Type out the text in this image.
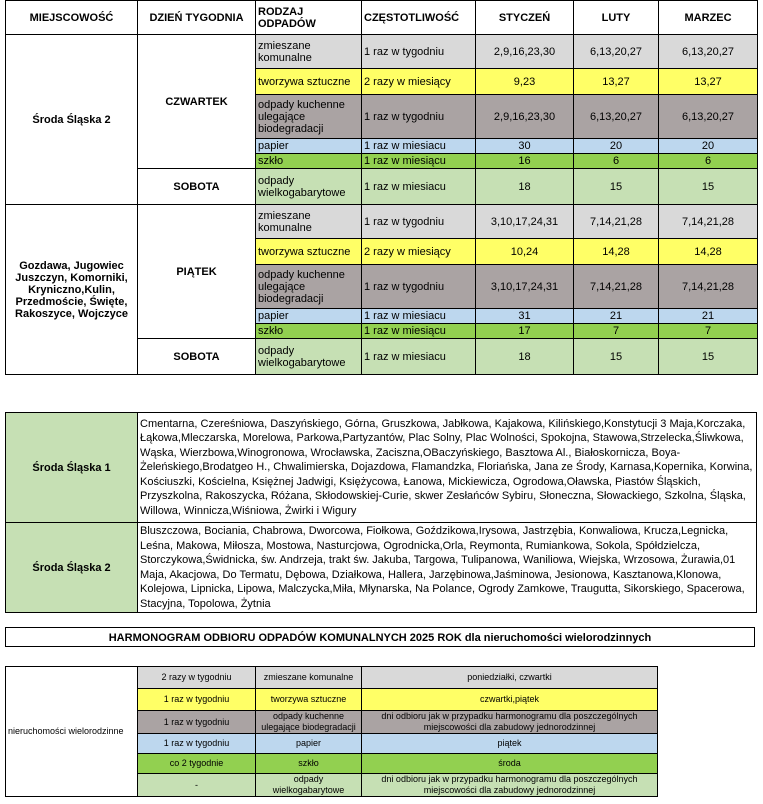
MIEJSCOWOŚĆ	DZIEŃ TYGODNIA	RODZAJ ODPADÓW	CZĘSTOTLIWOŚĆ	STYCZEŃ	LUTY	MARZEC
Środa Śląska 2	CZWARTEK	zmieszane komunalne	1 raz w tygodniu	2,9,16,23,30	6,13,20,27	6,13,20,27
		tworzywa sztuczne	2 razy w miesiący	9,23	13,27	13,27
		odpady kuchenne ulegające biodegradacji	1 raz w tygodniu	2,9,16,23,30	6,13,20,27	6,13,20,27
		papier	1 raz w miesiacu	30	20	20
		szkło	1 raz w miesiącu	16	6	6
	SOBOTA	odpady wielkogabarytowe	1 raz w miesiacu	18	15	15
Gozdawa, Jugowiec Juszczyn, Komorniki, Kryniczno,Kulin, Przedmoście, Święte, Rakoszyce, Wojczyce	PIĄTEK	zmieszane komunalne	1 raz w tygodniu	3,10,17,24,31	7,14,21,28	7,14,21,28
		tworzywa sztuczne	2 razy w miesiący	10,24	14,28	14,28
		odpady kuchenne ulegające biodegradacji	1 raz w tygodniu	3,10,17,24,31	7,14,21,28	7,14,21,28
		papier	1 raz w miesiacu	31	21	21
		szkło	1 raz w miesiącu	17	7	7
	SOBOTA	odpady wielkogabarytowe	1 raz w miesiacu	18	15	15
Środa Śląska 1	Cmentarna, Czereśniowa, Daszyńskiego, Górna, Gruszkowa, Jabłkowa, Kajakowa, Kilińskiego,Konstytucji 3 Maja,Korczaka, Łąkowa,Mleczarska, Morelowa, Parkowa,Partyzantów, Plac Solny, Plac Wolności, Spokojna, Stawowa,Strzelecka,Śliwkowa, Wąska, Wierzbowa,Winogronowa, Wrocławska, Zaciszna,OBaczyńskiego, Basztowa Al., Białoskornicza, Boya-Żeleńskiego,Brodatgeo H., Chwalimierska, Dojazdowa, Flamandzka, Floriańska, Jana ze Środy, Karnasa,Kopernika, Korwina, Kościuszki, Kościelna, Księżnej Jadwigi, Księżycowa, Łanowa, Mickiewicza, Ogrodowa,Oławska, Piastów Śląskich, Przyszkolna, Rakoszycka, Różana, Skłodowskiej-Curie, skwer Zesłańców Sybiru, Słoneczna, Słowackiego, Szkolna, Śląska, Willowa, Winnicza,Wiśniowa, Żwirki i Wigury
Środa Śląska 2	Bluszczowa, Bociania, Chabrowa, Dworcowa, Fiołkowa, Goździkowa,Irysowa, Jastrzębia, Konwaliowa, Krucza,Legnicka, Leśna, Makowa, Miłosza, Mostowa, Nasturcjowa, Ogrodnicka,Orla, Reymonta, Rumiankowa, Sokola, Spółdzielcza, Storczykowa,Świdnicka, św. Andrzeja, trakt św. Jakuba, Targowa, Tulipanowa, Waniliowa, Wiejska, Wrzosowa, Żurawia,01 Maja, Akacjowa, Do Termatu, Dębowa, Działkowa, Hallera, Jarzębinowa,Jaśminowa, Jesionowa, Kasztanowa,Klonowa, Kolejowa, Lipnicka, Lipowa, Malczycka,Miła, Młynarska, Na Polance, Ogrody Zamkowe, Traugutta, Sikorskiego, Spacerowa, Stacyjna, Topolowa, Żytnia
HARMONOGRAM ODBIORU ODPADÓW KOMUNALNYCH 2025 ROK dla nieruchomości wielorodzinnych
nieruchomości wielorodzinne	2 razy w tygodniu	zmieszane komunalne	poniedziałki, czwartki
	1 raz w tygodniu	tworzywa sztuczne	czwartki,piątek
	1 raz w tygodniu	odpady kuchenne ulegające biodegradacji	dni odbioru jak w przypadku harmonogramu dla poszczególnych miejscowości dla zabudowy jednorodzinnej
	1 raz w tygodniu	papier	piątek
	co 2 tygodnie	szkło	środa
	-	odpady wielkogabarytowe	dni odbioru jak w przypadku harmonogramu dla poszczególnych miejscowości dla zabudowy jednorodzinnej
